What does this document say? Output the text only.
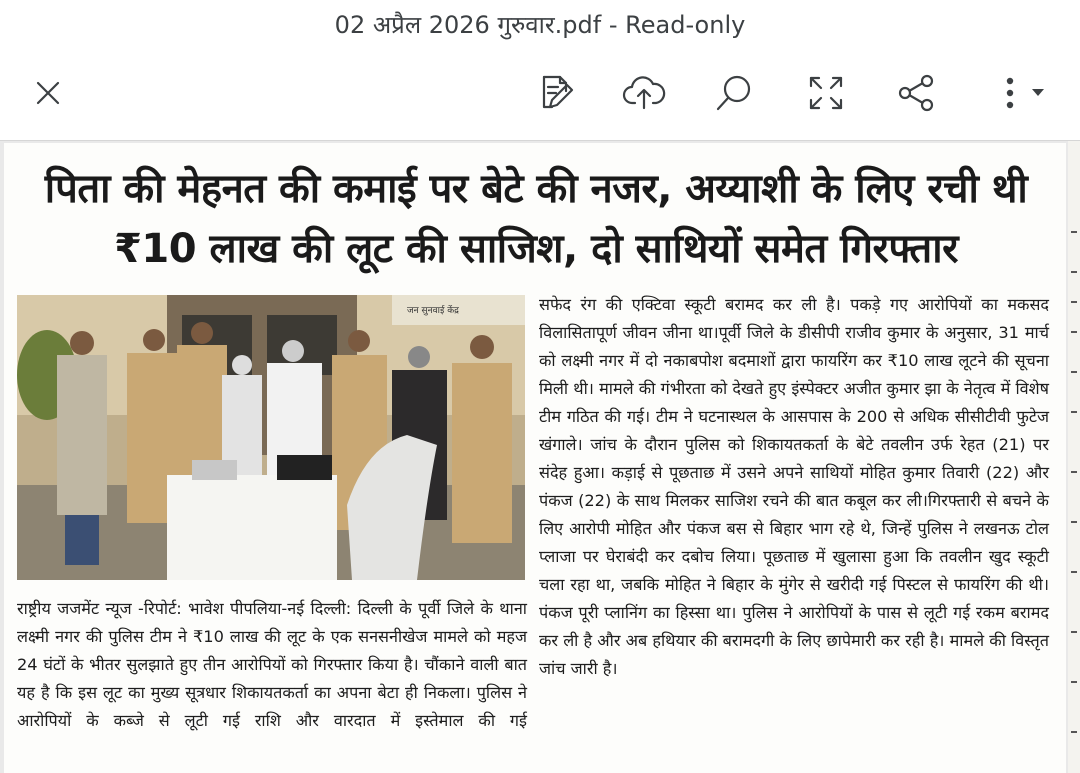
02 अप्रैल 2026 गुरुवार.pdf - Read-only
पिता की मेहनत की कमाई पर बेटे की नजर, अय्याशी के लिए रची थी ₹10 लाख की लूट की साजिश, दो साथियों समेत गिरफ्तार
जन सुनवाई केंद्र

राष्ट्रीय जजमेंट न्यूज -रिपोर्ट: भावेश पीपलिया-नई दिल्ली: दिल्ली के पूर्वी जिले के थाना लक्ष्मी नगर की पुलिस टीम ने ₹10 लाख की लूट के एक सनसनीखेज मामले को महज 24 घंटों के भीतर सुलझाते हुए तीन आरोपियों को गिरफ्तार किया है। चौंकाने वाली बात यह है कि इस लूट का मुख्य सूत्रधार शिकायतकर्ता का अपना बेटा ही निकला। पुलिस ने आरोपियों के कब्जे से लूटी गई राशि और वारदात में इस्तेमाल की गई

सफेद रंग की एक्टिवा स्कूटी बरामद कर ली है। पकड़े गए आरोपियों का मकसद विलासितापूर्ण जीवन जीना था।पूर्वी जिले के डीसीपी राजीव कुमार के अनुसार, 31 मार्च को लक्ष्मी नगर में दो नकाबपोश बदमाशों द्वारा फायरिंग कर ₹10 लाख लूटने की सूचना मिली थी। मामले की गंभीरता को देखते हुए इंस्पेक्टर अजीत कुमार झा के नेतृत्व में विशेष टीम गठित की गई। टीम ने घटनास्थल के आसपास के 200 से अधिक सीसीटीवी फुटेज खंगाले। जांच के दौरान पुलिस को शिकायतकर्ता के बेटे तवलीन उर्फ रेहत (21) पर संदेह हुआ। कड़ाई से पूछताछ में उसने अपने साथियों मोहित कुमार तिवारी (22) और पंकज (22) के साथ मिलकर साजिश रचने की बात कबूल कर ली।गिरफ्तारी से बचने के लिए आरोपी मोहित और पंकज बस से बिहार भाग रहे थे, जिन्हें पुलिस ने लखनऊ टोल प्लाजा पर घेराबंदी कर दबोच लिया। पूछताछ में खुलासा हुआ कि तवलीन खुद स्कूटी चला रहा था, जबकि मोहित ने बिहार के मुंगेर से खरीदी गई पिस्टल से फायरिंग की थी। पंकज पूरी प्लानिंग का हिस्सा था। पुलिस ने आरोपियों के पास से लूटी गई रकम बरामद कर ली है और अब हथियार की बरामदगी के लिए छापेमारी कर रही है। मामले की विस्तृत जांच जारी है।
